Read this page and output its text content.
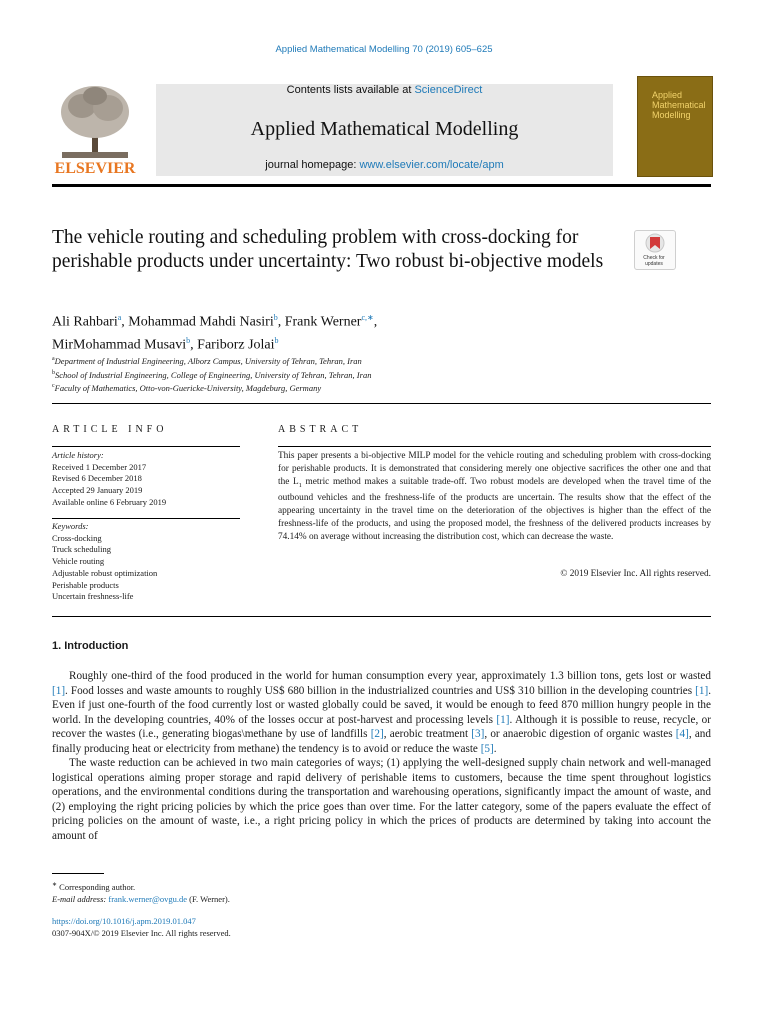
Applied Mathematical Modelling 70 (2019) 605–625
ELSEVIER
Contents lists available at ScienceDirect
Applied Mathematical Modelling
journal homepage: www.elsevier.com/locate/apm
Applied Mathematical Modelling
The vehicle routing and scheduling problem with cross-docking for perishable products under uncertainty: Two robust bi-objective models	Check for updates
Ali Rahbari$^a$, Mohammad Mahdi Nasiri$^b$, Frank Werner$^{c,∗}$,
MirMohammad Musavi$^b$, Fariborz Jolai$^b$
$^a$Department of Industrial Engineering, Alborz Campus, University of Tehran, Tehran, Iran
$^b$School of Industrial Engineering, College of Engineering, University of Tehran, Tehran, Iran
$^c$Faculty of Mathematics, Otto-von-Guericke-University, Magdeburg, Germany
ARTICLE INFO	ABSTRACT
Article history:
Received 1 December 2017
Revised 6 December 2018
Accepted 29 January 2019
Available online 6 February 2019
Keywords:
Cross-docking
Truck scheduling
Vehicle routing
Adjustable robust optimization
Perishable products
Uncertain freshness-life
This paper presents a bi-objective MILP model for the vehicle routing and scheduling problem with cross-docking for perishable products. It is demonstrated that considering merely one objective sacrifices the other one and that the $L_1$ metric method makes a suitable trade-off. Two robust models are developed when the travel time of the outbound vehicles and the freshness-life of the products are uncertain. The results show that the effect of the appearing uncertainty in the travel time on the deterioration of the objectives is higher than the effect of the freshness-life of the products, and using the proposed model, the freshness of the delivered products increases by 74.14% on average without increasing the distribution cost, which can decrease the waste.
© 2019 Elsevier Inc. All rights reserved.
1. Introduction

Roughly one-third of the food produced in the world for human consumption every year, approximately 1.3 billion tons, gets lost or wasted [1]. Food losses and waste amounts to roughly US$ 680 billion in the industrialized countries and US$ 310 billion in the developing countries [1]. Even if just one-fourth of the food currently lost or wasted globally could be saved, it would be enough to feed 870 million hungry people in the world. In the developing countries, 40% of the losses occur at post-harvest and processing levels [1]. Although it is possible to reuse, recycle, or recover the wastes (i.e., generating biogas\methane by use of landfills [2], aerobic treatment [3], or anaerobic digestion of organic wastes [4], and finally producing heat or electricity from methane) the tendency is to avoid or reduce the waste [5].

The waste reduction can be achieved in two main categories of ways; (1) applying the well-designed supply chain network and well-managed logistical operations aiming proper storage and rapid delivery of perishable items to customers, because the time spent throughout logistics operations, and the environmental conditions during the transportation and warehousing operations, significantly impact the amount of waste, and (2) employing the right pricing policies by which the price goes than over time. For the latter category, some of the papers evaluate the effect of pricing policies on the amount of waste, i.e., a right pricing policy in which the prices of products are determined by taking into account the amount of

∗ Corresponding author.
E-mail address: frank.werner@ovgu.de (F. Werner).
https://doi.org/10.1016/j.apm.2019.01.047
0307-904X/© 2019 Elsevier Inc. All rights reserved.
